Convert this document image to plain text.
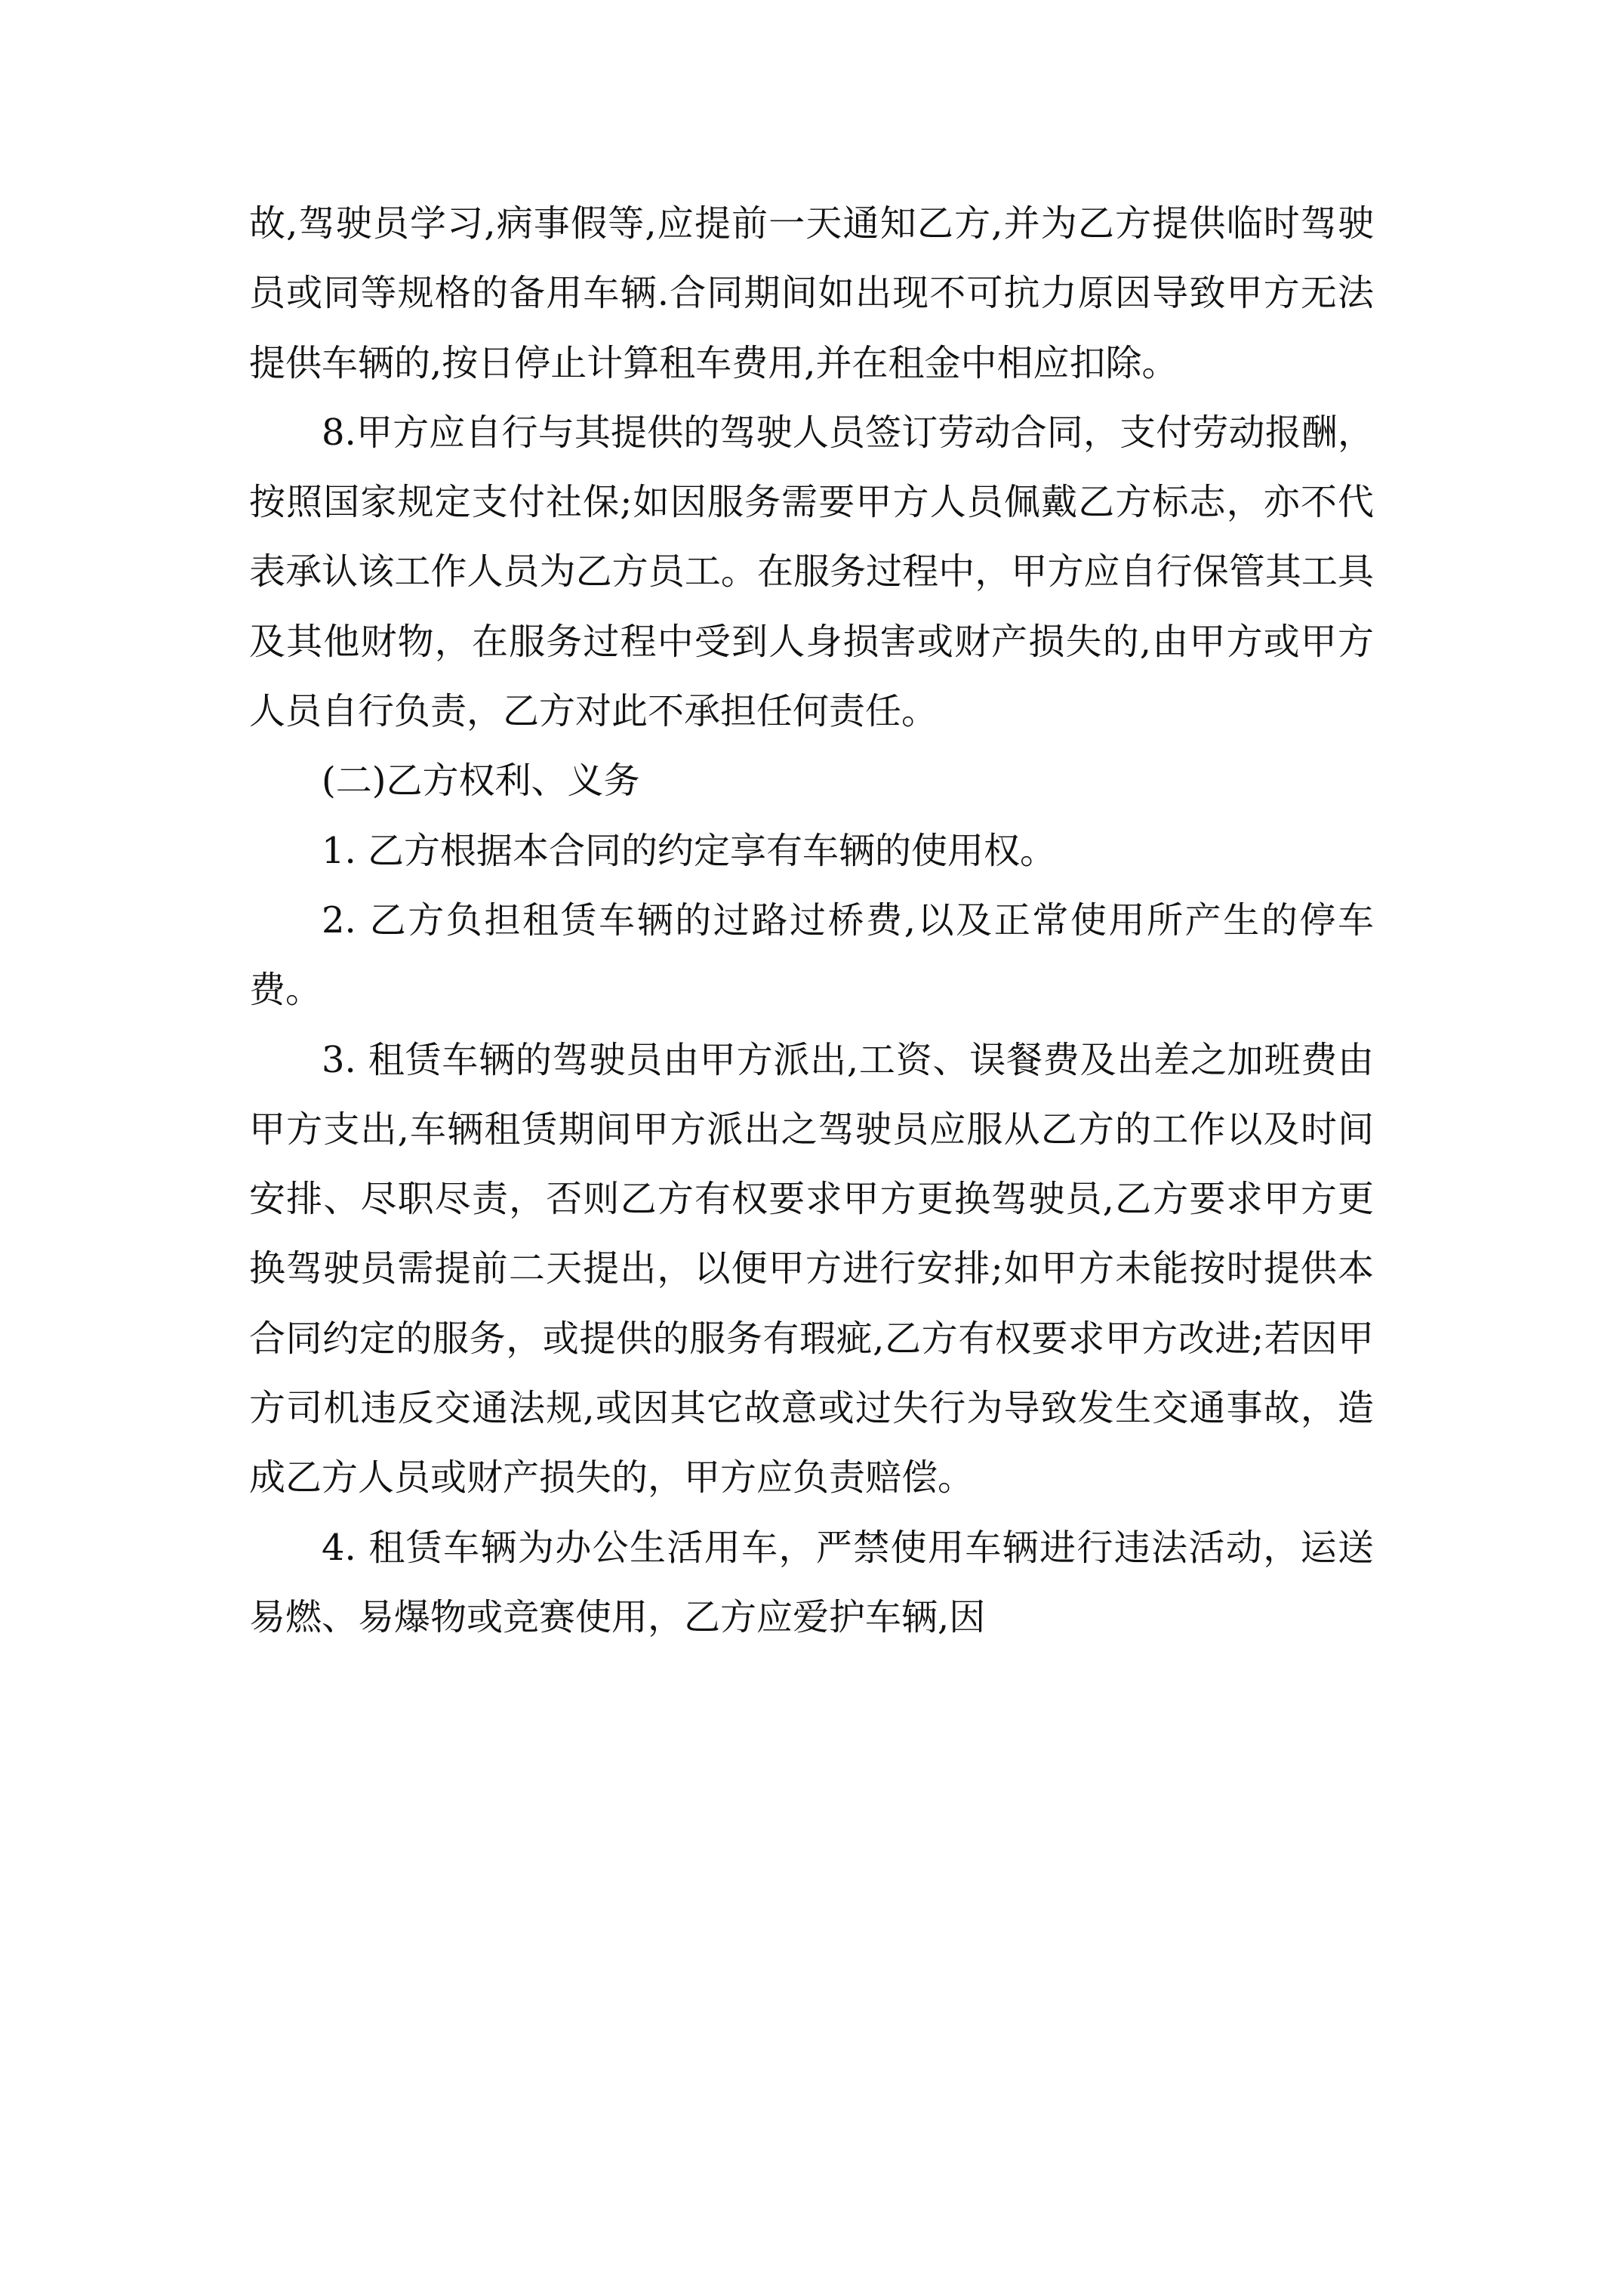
故,驾驶员学习,病事假等,应提前一天通知乙方,并为乙方提供临时驾驶员或同等规格的备用车辆.合同期间如出现不可抗力原因导致甲方无法提供车辆的,按日停止计算租车费用,并在租金中相应扣除。

8.甲方应自行与其提供的驾驶人员签订劳动合同，支付劳动报酬，按照国家规定支付社保;如因服务需要甲方人员佩戴乙方标志，亦不代表承认该工作人员为乙方员工。在服务过程中，甲方应自行保管其工具及其他财物，在服务过程中受到人身损害或财产损失的,由甲方或甲方人员自行负责，乙方对此不承担任何责任。

(二)乙方权利、义务

1. 乙方根据本合同的约定享有车辆的使用权。

2. 乙方负担租赁车辆的过路过桥费,以及正常使用所产生的停车费。

3. 租赁车辆的驾驶员由甲方派出,工资、误餐费及出差之加班费由甲方支出,车辆租赁期间甲方派出之驾驶员应服从乙方的工作以及时间安排、尽职尽责，否则乙方有权要求甲方更换驾驶员,乙方要求甲方更换驾驶员需提前二天提出，以便甲方进行安排;如甲方未能按时提供本合同约定的服务，或提供的服务有瑕疵,乙方有权要求甲方改进;若因甲方司机违反交通法规,或因其它故意或过失行为导致发生交通事故，造成乙方人员或财产损失的，甲方应负责赔偿。

4. 租赁车辆为办公生活用车，严禁使用车辆进行违法活动，运送易燃、易爆物或竞赛使用，乙方应爱护车辆,因
